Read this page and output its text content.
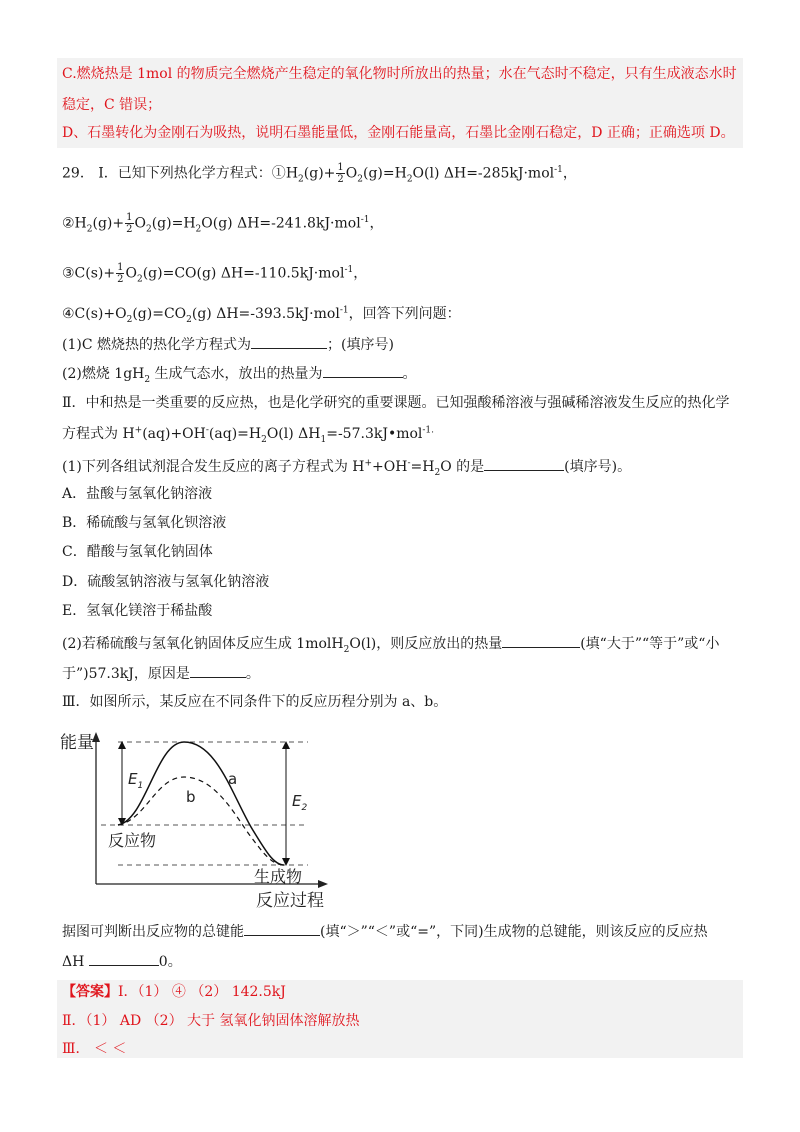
C.燃烧热是 1mol 的物质完全燃烧产生稳定的氧化物时所放出的热量；水在气态时不稳定，只有生成液态水时
稳定，C 错误；
D、石墨转化为金刚石为吸热，说明石墨能量低，金刚石能量高，石墨比金刚石稳定，D 正确；正确选项 D。
29． Ⅰ．已知下列热化学方程式：$①H_2(g)+ \frac{1}{2} O_2(g)=H_2O(l)$ ΔH=-285kJ·mol$^{-1}$，
$②H_2(g)+ \frac{1}{2} O_2(g)=H_2O(g)$ ΔH=-241.8kJ·mol$^{-1}$，
③C(s)+ $\frac{1}{2} O_2(g)=CO(g)$ ΔH=-110.5kJ·mol$^{-1}$，
$④C(s)+O_2(g)=CO_2(g)$ ΔH=-393.5kJ·mol$^{-1}$，回答下列问题：
(1)C 燃烧热的热化学方程式为	；(填序号)
(2)燃烧 $1gH_2$ 生成气态水，放出的热量为	。
Ⅱ．中和热是一类重要的反应热，也是化学研究的重要课题。已知强酸稀溶液与强碱稀溶液发生反应的热化学
方程式为 $H^+(aq)+OH^-(aq)=H_2O(l)$ $\Delta H_1=-57.3kJ•mol^{-1.}$
(1)下列各组试剂混合发生反应的离子方程式为 $H^++OH^-=H_2O$ 的是	(填序号)。
A．盐酸与氢氧化钠溶液
B．稀硫酸与氢氧化钡溶液
C．醋酸与氢氧化钠固体
D．硫酸氢钠溶液与氢氧化钠溶液
E．氢氧化镁溶于稀盐酸
(2)若稀硫酸与氢氧化钠固体反应生成 1molH$_2$O(l)，则反应放出的热量	(填“大于”“等于”或“小
于”)57.3kJ，原因是	。
Ⅲ．如图所示，某反应在不同条件下的反应历程分别为 a、b。
能量
反应过程
反应物
生成物
$E_1$
$E_2$
a
b
据图可判断出反应物的总键能	(填“＞”“＜”或“=”，下同)生成物的总键能，则该反应的反应热
ΔH	0。
【答案】Ⅰ．（1） ④ （2） 142.5kJ
Ⅱ．（1） AD （2） 大于 氢氧化钠固体溶解放热
Ⅲ． ＜ ＜
